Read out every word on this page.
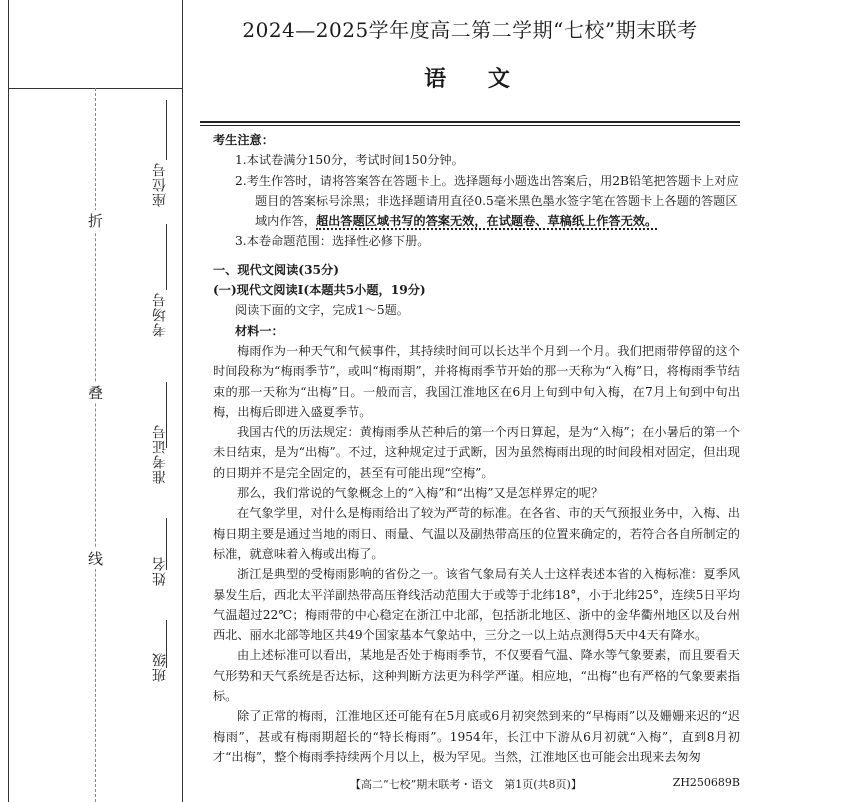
折
叠
线
座位号
考场号
准考证号
姓名
班级
2024—2025学年度高二第二学期“七校”期末联考
语 文

考生注意：

1.本试卷满分150分，考试时间150分钟。

2.考生作答时，请将答案答在答题卡上。选择题每小题选出答案后，用2B铅笔把答题卡上对应题目的答案标号涂黑；非选择题请用直径0.5毫米黑色墨水签字笔在答题卡上各题的答题区域内作答，超出答题区域书写的答案无效，在试题卷、草稿纸上作答无效。

3.本卷命题范围：选择性必修下册。

一、现代文阅读(35分)

(一)现代文阅读Ⅰ(本题共5小题，19分)

阅读下面的文字，完成1～5题。

材料一：

梅雨作为一种天气和气候事件，其持续时间可以长达半个月到一个月。我们把雨带停留的这个时间段称为“梅雨季节”，或叫“梅雨期”，并将梅雨季节开始的那一天称为“入梅”日，将梅雨季节结束的那一天称为“出梅”日。一般而言，我国江淮地区在6月上旬到中旬入梅，在7月上旬到中旬出梅，出梅后即进入盛夏季节。

我国古代的历法规定：黄梅雨季从芒种后的第一个丙日算起，是为“入梅”；在小暑后的第一个未日结束，是为“出梅”。不过，这种规定过于武断，因为虽然梅雨出现的时间段相对固定，但出现的日期并不是完全固定的，甚至有可能出现“空梅”。

那么，我们常说的气象概念上的“入梅”和“出梅”又是怎样界定的呢？

在气象学里，对什么是梅雨给出了较为严苛的标准。在各省、市的天气预报业务中，入梅、出梅日期主要是通过当地的雨日、雨量、气温以及副热带高压的位置来确定的，若符合各自所制定的标准，就意味着入梅或出梅了。

浙江是典型的受梅雨影响的省份之一。该省气象局有关人士这样表述本省的入梅标准：夏季风暴发生后，西北太平洋副热带高压脊线活动范围大于或等于北纬18°，小于北纬25°，连续5日平均气温超过22℃；梅雨带的中心稳定在浙江中北部，包括浙北地区、浙中的金华衢州地区以及台州西北、丽水北部等地区共49个国家基本气象站中，三分之一以上站点测得5天中4天有降水。

由上述标准可以看出，某地是否处于梅雨季节，不仅要看气温、降水等气象要素，而且要看天气形势和天气系统是否达标，这种判断方法更为科学严谨。相应地，“出梅”也有严格的气象要素指标。

除了正常的梅雨，江淮地区还可能有在5月底或6月初突然到来的“早梅雨”以及姗姗来迟的“迟梅雨”，甚或有梅雨期超长的“特长梅雨”。1954年，长江中下游从6月初就“入梅”，直到8月初才“出梅”，整个梅雨季持续两个月以上，极为罕见。当然，江淮地区也可能会出现来去匆匆

【高二“七校”期末联考・语文　第1页(共8页)】	ZH250689B
